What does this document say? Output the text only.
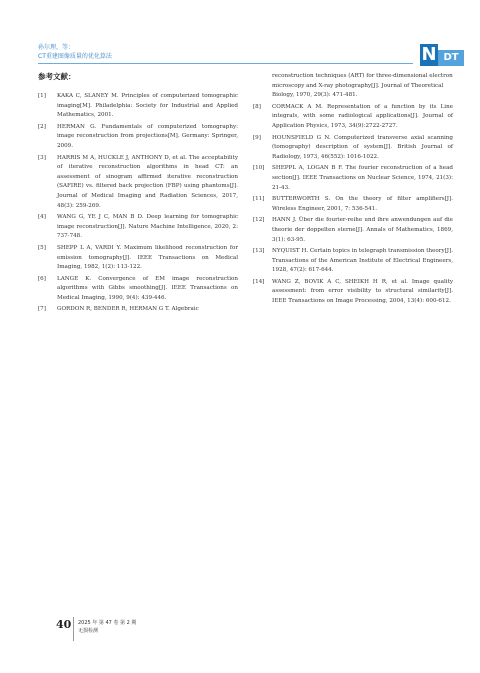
孙尔理，等：
CT重建图像质量的优化算法	N DT
参考文献：
[1] KAKA C, SLANEY M. Principles of computerized tomographic imaging[M]. Philadelphia: Society for Industrial and Applied Mathematics, 2001.
[2] HERMAN G. Fundamentals of computerized tomography: image reconstruction from projections[M]. Germany: Springer, 2009.
[3] HARRIS M A, HUCKLE J, ANTHONY D, et al. The acceptability of iterative reconstruction algorithms in head CT: an assessment of sinogram affirmed iterative reconstruction (SAFIRE) vs. filtered back projection (FBP) using phantoms[J]. Journal of Medical Imaging and Radiation Sciences, 2017, 48(3): 259-269.
[4] WANG G, YE J C, MAN B D. Deep learning for tomographic image reconstruction[J]. Nature Machine Intelligence, 2020, 2: 737-748.
[5] SHEPP L A, VARDI Y. Maximum likelihood reconstruction for emission tomography[J]. IEEE Transactions on Medical Imaging, 1982, 1(2): 113-122.
[6] LANGE K. Convergence of EM image reconstruction algorithms with Gibbs smoothing[J]. IEEE Transactions on Medical Imaging, 1990, 9(4): 439-446.
[7] GORDON R, BENDER R, HERMAN G T. Algebraic
reconstruction techniques (ART) for three-dimensional electron microscopy and X-ray photography[J]. Journal of Theoretical Biology, 1970, 29(3): 471-481.
[8] CORMACK A M. Representation of a function by its Line integrals, with some radiological applications[J]. Journal of Application Physics, 1973, 34(9):2722-2727.
[9] HOUNSFIELD G N. Computerized transverse axial scanning (tomography) description of system[J]. British Journal of Radiology, 1973, 46(552): 1016-1022.
[10] SHEPPL A, LOGAN B F. The fourier reconstruction of a head section[J]. IEEE Transactions on Nuclear Science, 1974, 21(3): 21-43.
[11] BUTTERWORTH S. On the theory of filter amplifiers[J]. Wireless Engineer, 2001, 7: 536-541.
[12] HANN J. Über die fourier-reihe und ihre anwendungen auf die theorie der doppelten sterne[J]. Annals of Mathematics, 1869, 3(1): 63-95.
[13] NYQUIST H. Certain topics in telegraph transmission theory[J]. Transactions of the American Institute of Electrical Engineers, 1928, 47(2): 617-644.
[14] WANG Z, BOVIK A C, SHEIKH H R, et al. Image quality assessment: from error visibility to structural similarity[J]. IEEE Transactions on Image Processing, 2004, 13(4): 600-612.
40 2025 年 第 47 卷 第 2 期
无损检测
